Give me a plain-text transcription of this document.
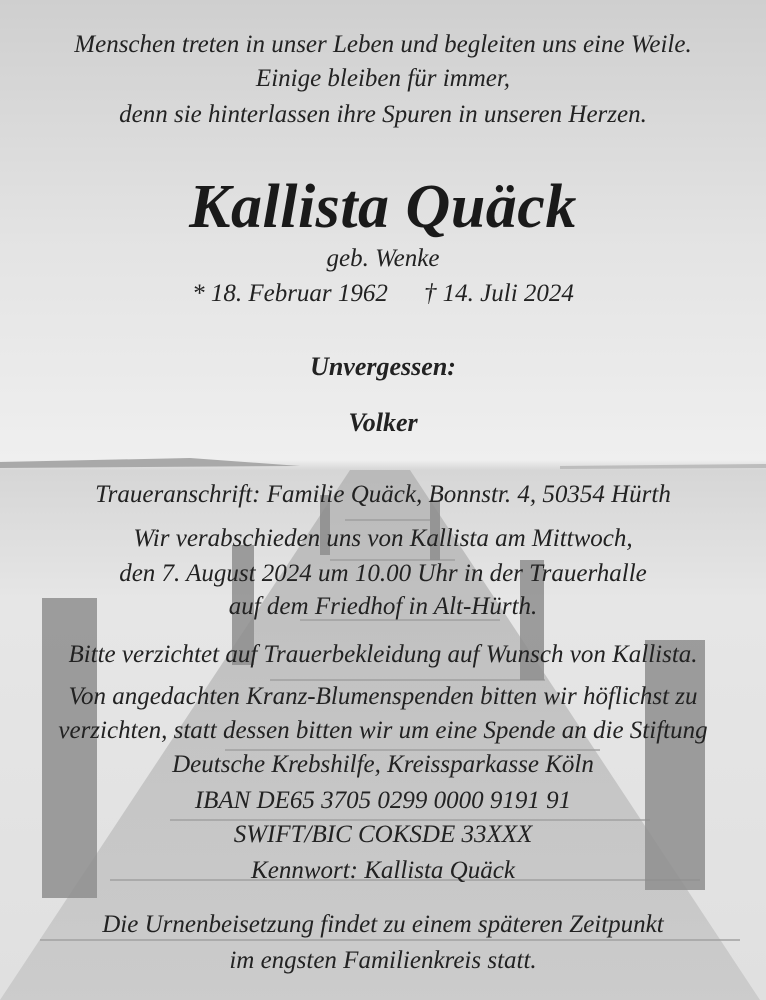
Menschen treten in unser Leben und begleiten uns eine Weile.
Einige bleiben für immer,
denn sie hinterlassen ihre Spuren in unseren Herzen.
Kallista Quäck
geb. Wenke
* 18. Februar 1962 † 14. Juli 2024
Unvergessen:
Volker
Traueranschrift: Familie Quäck, Bonnstr. 4, 50354 Hürth
Wir verabschieden uns von Kallista am Mittwoch,
den 7. August 2024 um 10.00 Uhr in der Trauerhalle
auf dem Friedhof in Alt-Hürth.
Bitte verzichtet auf Trauerbekleidung auf Wunsch von Kallista.
Von angedachten Kranz-Blumenspenden bitten wir höflichst zu
verzichten, statt dessen bitten wir um eine Spende an die Stiftung
Deutsche Krebshilfe, Kreissparkasse Köln
IBAN DE65 3705 0299 0000 9191 91
SWIFT/BIC COKSDE 33XXX
Kennwort: Kallista Quäck
Die Urnenbeisetzung findet zu einem späteren Zeitpunkt
im engsten Familienkreis statt.
